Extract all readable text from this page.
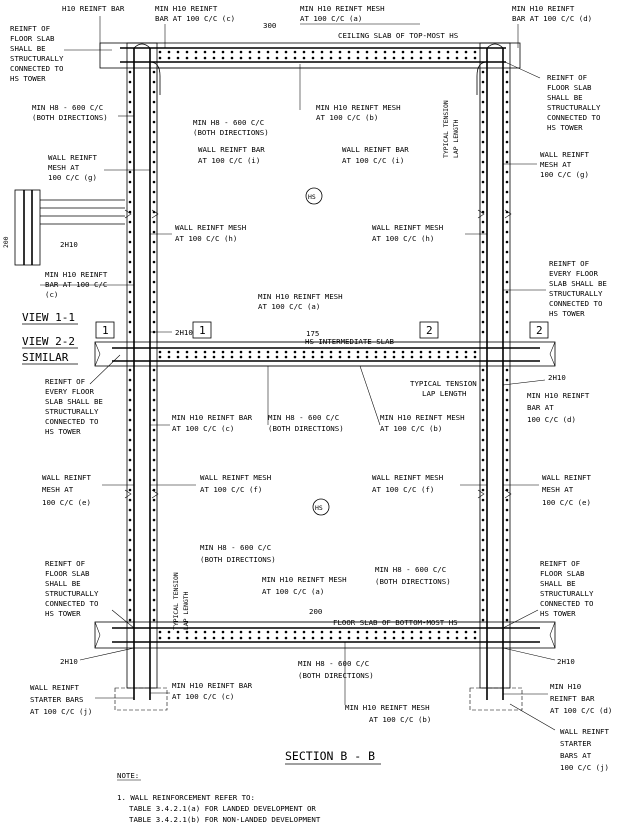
H10 REINFT BAR
REINFT OF
FLOOR SLAB
SHALL BE
STRUCTURALLY
CONNECTED TO
HS TOWER
MIN H10 REINFT
BAR AT 100 C/C (c)
300
MIN H10 REINFT MESH
AT 100 C/C (a)
MIN H10 REINFT
BAR AT 100 C/C (d)
CEILING SLAB OF TOP-MOST HS
REINFT OF
FLOOR SLAB
SHALL BE
STRUCTURALLY
CONNECTED TO
HS TOWER
MIN H8 - 600 C/C
(BOTH DIRECTIONS)
MIN H10 REINFT MESH
AT 100 C/C (b)
MIN H8 - 600 C/C
(BOTH DIRECTIONS)	TYPICAL TENSION LAP LENGTH
WALL REINFT BAR
AT 100 C/C (i)
WALL REINFT BAR
AT 100 C/C (i)
WALL REINFT
MESH AT
100 C/C (g)
WALL REINFT
MESH AT
100 C/C (g)
HS
WALL REINFT MESH
AT 100 C/C (h)
WALL REINFT MESH
AT 100 C/C (h)
MIN H10 REINFT
BAR AT 100 C/C
(c)
REINFT OF
EVERY FLOOR
SLAB SHALL BE
STRUCTURALLY
CONNECTED TO
HS TOWER
200	2H10
VIEW 1-1
1	1	2	2
VIEW 2-2
SIMILAR
MIN H10 REINFT MESH
AT 100 C/C (a)
2H10	175
HS INTERMEDIATE SLAB
TYPICAL TENSION
LAP LENGTH
REINFT OF
EVERY FLOOR
SLAB SHALL BE
STRUCTURALLY
CONNECTED TO
HS TOWER
MIN H10 REINFT BAR
AT 100 C/C (c)
MIN H8 - 600 C/C
(BOTH DIRECTIONS)
MIN H10 REINFT MESH
AT 100 C/C (b)
MIN H10 REINFT
BAR AT
100 C/C (d)
2H10
WALL REINFT
MESH AT
100 C/C (e)
WALL REINFT MESH
AT 100 C/C (f)
WALL REINFT MESH
AT 100 C/C (f)
WALL REINFT
MESH AT
100 C/C (e)
HS
MIN H8 - 600 C/C
(BOTH DIRECTIONS)
TYPICAL TENSION LAP LENGTH
MIN H10 REINFT MESH
AT 100 C/C (a)
MIN H8 - 600 C/C
(BOTH DIRECTIONS)
REINFT OF
FLOOR SLAB
SHALL BE
STRUCTURALLY
CONNECTED TO
HS TOWER
REINFT OF
FLOOR SLAB
SHALL BE
STRUCTURALLY
CONNECTED TO
HS TOWER
200
FLOOR SLAB OF BOTTOM-MOST HS
2H10	2H10
MIN H8 - 600 C/C
(BOTH DIRECTIONS)
WALL REINFT
STARTER BARS
AT 100 C/C (j)
MIN H10 REINFT BAR
AT 100 C/C (c)
MIN H10 REINFT MESH
AT 100 C/C (b)
MIN H10
REINFT BAR
AT 100 C/C (d)
WALL REINFT
STARTER
BARS AT
100 C/C (j)
SECTION B - B
NOTE:
1. WALL REINFORCEMENT REFER TO:
TABLE 3.4.2.1(a) FOR LANDED DEVELOPMENT OR
TABLE 3.4.2.1(b) FOR NON-LANDED DEVELOPMENT
